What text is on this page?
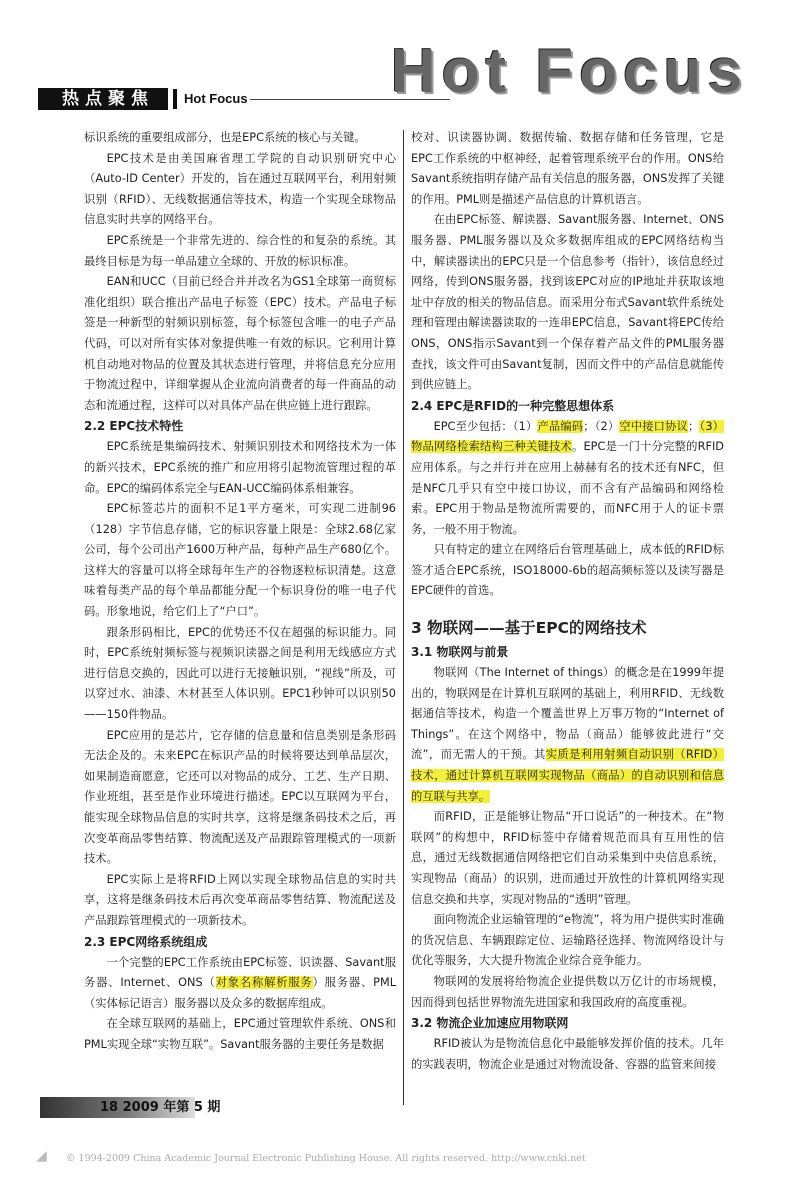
热点聚焦 Hot Focus Hot Focus

标识系统的重要组成部分，也是EPC系统的核心与关键。

EPC技术是由美国麻省理工学院的自动识别研究中心（Auto-ID Center）开发的，旨在通过互联网平台，利用射频识别（RFID）、无线数据通信等技术，构造一个实现全球物品信息实时共享的网络平台。

EPC系统是一个非常先进的、综合性的和复杂的系统。其最终目标是为每一单品建立全球的、开放的标识标准。

EAN和UCC（目前已经合并并改名为GS1全球第一商贸标准化组织）联合推出产品电子标签（EPC）技术。产品电子标签是一种新型的射频识别标签，每个标签包含唯一的电子产品代码，可以对所有实体对象提供唯一有效的标识。它利用计算机自动地对物品的位置及其状态进行管理，并将信息充分应用于物流过程中，详细掌握从企业流向消费者的每一件商品的动态和流通过程，这样可以对具体产品在供应链上进行跟踪。

2.2 EPC技术特性

EPC系统是集编码技术、射频识别技术和网络技术为一体的新兴技术，EPC系统的推广和应用将引起物流管理过程的革命。EPC的编码体系完全与EAN-UCC编码体系相兼容。

EPC标签芯片的面积不足1平方毫米，可实现二进制96（128）字节信息存储，它的标识容量上限是：全球2.68亿家公司，每个公司出产1600万种产品，每种产品生产680亿个。这样大的容量可以将全球每年生产的谷物逐粒标识清楚。这意味着每类产品的每个单品都能分配一个标识身份的唯一电子代码。形象地说，给它们上了“户口”。

跟条形码相比，EPC的优势还不仅在超强的标识能力。同时，EPC系统射频标签与视频识读器之间是利用无线感应方式进行信息交换的，因此可以进行无接触识别，“视线”所及，可以穿过水、油漆、木材甚至人体识别。EPC1秒钟可以识别50——150件物品。

EPC应用的是芯片，它存储的信息量和信息类别是条形码无法企及的。未来EPC在标识产品的时候将要达到单品层次，如果制造商愿意，它还可以对物品的成分、工艺、生产日期、作业班组，甚至是作业环境进行描述。EPC以互联网为平台，能实现全球物品信息的实时共享，这将是继条码技术之后，再次变革商品零售结算、物流配送及产品跟踪管理模式的一项新技术。

EPC实际上是将RFID上网以实现全球物品信息的实时共享，这将是继条码技术后再次变革商品零售结算、物流配送及产品跟踪管理模式的一项新技术。

2.3 EPC网络系统组成

一个完整的EPC工作系统由EPC标签、识读器、Savant服务器、Internet、ONS（对象名称解析服务）服务器、PML（实体标记语言）服务器以及众多的数据库组成。

在全球互联网的基础上，EPC通过管理软件系统、ONS和PML实现全球“实物互联”。Savant服务器的主要任务是数据

校对、识读器协调、数据传输、数据存储和任务管理，它是EPC工作系统的中枢神经，起着管理系统平台的作用。ONS给Savant系统指明存储产品有关信息的服务器，ONS发挥了关键的作用。PML则是描述产品信息的计算机语言。

在由EPC标签、解读器、Savant服务器、Internet、ONS服务器、PML服务器以及众多数据库组成的EPC网络结构当中，解读器读出的EPC只是一个信息参考（指针），该信息经过网络，传到ONS服务器，找到该EPC对应的IP地址并获取该地址中存放的相关的物品信息。而采用分布式Savant软件系统处理和管理由解读器读取的一连串EPC信息，Savant将EPC传给ONS，ONS指示Savant到一个保存着产品文件的PML服务器查找，该文件可由Savant复制，因而文件中的产品信息就能传到供应链上。

2.4 EPC是RFID的一种完整思想体系

EPC至少包括：（1）产品编码；（2）空中接口协议；（3）物品网络检索结构三种关键技术。EPC是一门十分完整的RFID应用体系。与之并行并在应用上赫赫有名的技术还有NFC，但是NFC几乎只有空中接口协议，而不含有产品编码和网络检索。EPC用于物品是物流所需要的，而NFC用于人的证卡票务，一般不用于物流。

只有特定的建立在网络后台管理基础上，成本低的RFID标签才适合EPC系统，ISO18000-6b的超高频标签以及读写器是EPC硬件的首选。

3 物联网——基于EPC的网络技术
3.1 物联网与前景

物联网（The Internet of things）的概念是在1999年提出的，物联网是在计算机互联网的基础上，利用RFID、无线数据通信等技术，构造一个覆盖世界上万事万物的“Internet of Things”。在这个网络中，物品（商品）能够彼此进行“交流”，而无需人的干预。其实质是利用射频自动识别（RFID）技术，通过计算机互联网实现物品（商品）的自动识别和信息的互联与共享。

而RFID，正是能够让物品“开口说话”的一种技术。在“物联网”的构想中，RFID标签中存储着规范而具有互用性的信息，通过无线数据通信网络把它们自动采集到中央信息系统，实现物品（商品）的识别，进而通过开放性的计算机网络实现信息交换和共享，实现对物品的“透明”管理。

面向物流企业运输管理的“e物流”，将为用户提供实时准确的货况信息、车辆跟踪定位、运输路径选择、物流网络设计与优化等服务，大大提升物流企业综合竞争能力。

物联网的发展将给物流企业提供数以万亿计的市场规模，因而得到包括世界物流先进国家和我国政府的高度重视。

3.2 物流企业加速应用物联网

RFID被认为是物流信息化中最能够发挥价值的技术。几年的实践表明，物流企业是通过对物流设备、容器的监管来间接

18 2009 年第 5 期
◢ © 1994-2009 China Academic Journal Electronic Publishing House. All rights reserved. http://www.cnki.net
